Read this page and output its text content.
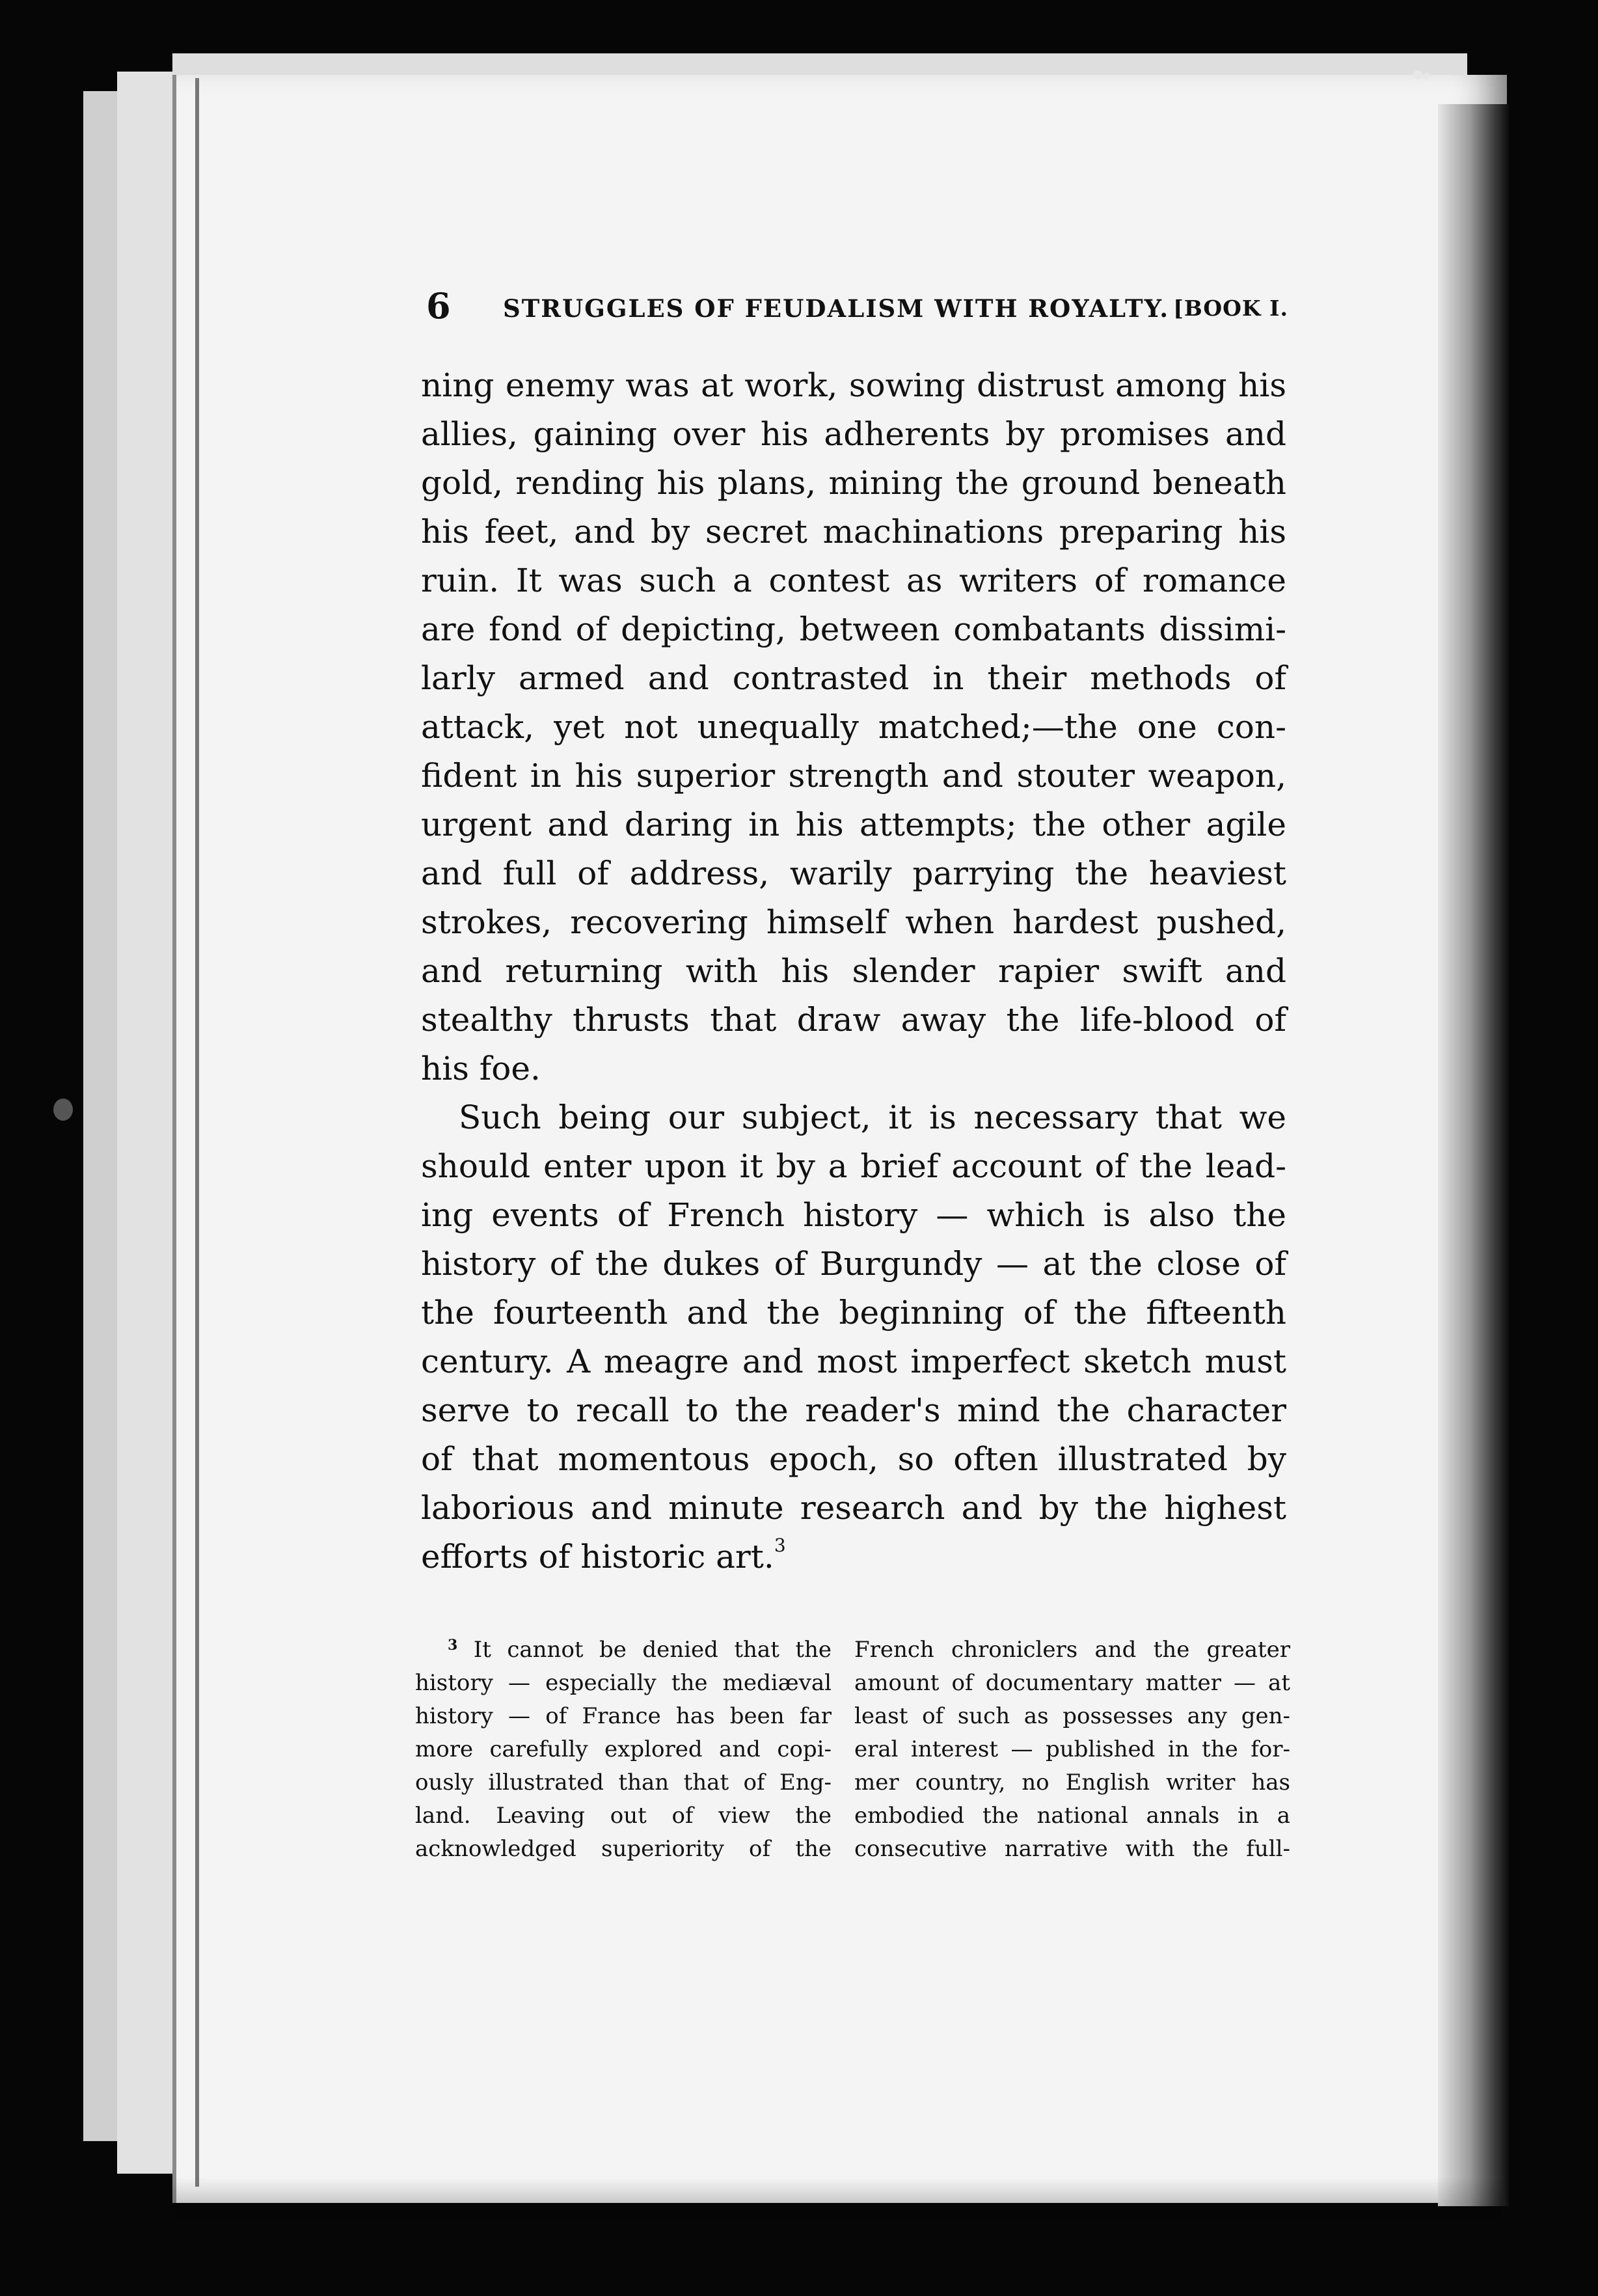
6 STRUGGLES OF FEUDALISM WITH ROYALTY. [BOOK I.
ning enemy was at work, sowing distrust among his
allies, gaining over his adherents by promises and
gold, rending his plans, mining the ground beneath
his feet, and by secret machinations preparing his
ruin. It was such a contest as writers of romance
are fond of depicting, between combatants dissimi-
larly armed and contrasted in their methods of
attack, yet not unequally matched;—the one con-
fident in his superior strength and stouter weapon,
urgent and daring in his attempts; the other agile
and full of address, warily parrying the heaviest
strokes, recovering himself when hardest pushed,
and returning with his slender rapier swift and
stealthy thrusts that draw away the life-blood of
his foe.
Such being our subject, it is necessary that we
should enter upon it by a brief account of the lead-
ing events of French history — which is also the
history of the dukes of Burgundy — at the close of
the fourteenth and the beginning of the fifteenth
century. A meagre and most imperfect sketch must
serve to recall to the reader's mind the character
of that momentous epoch, so often illustrated by
laborious and minute research and by the highest
efforts of historic art.$^3$
$^3$ It cannot be denied that the
history — especially the mediæval
history — of France has been far
more carefully explored and copi-
ously illustrated than that of Eng-
land. Leaving out of view the
acknowledged superiority of the
French chroniclers and the greater
amount of documentary matter — at
least of such as possesses any gen-
eral interest — published in the for-
mer country, no English writer has
embodied the national annals in a
consecutive narrative with the full-
